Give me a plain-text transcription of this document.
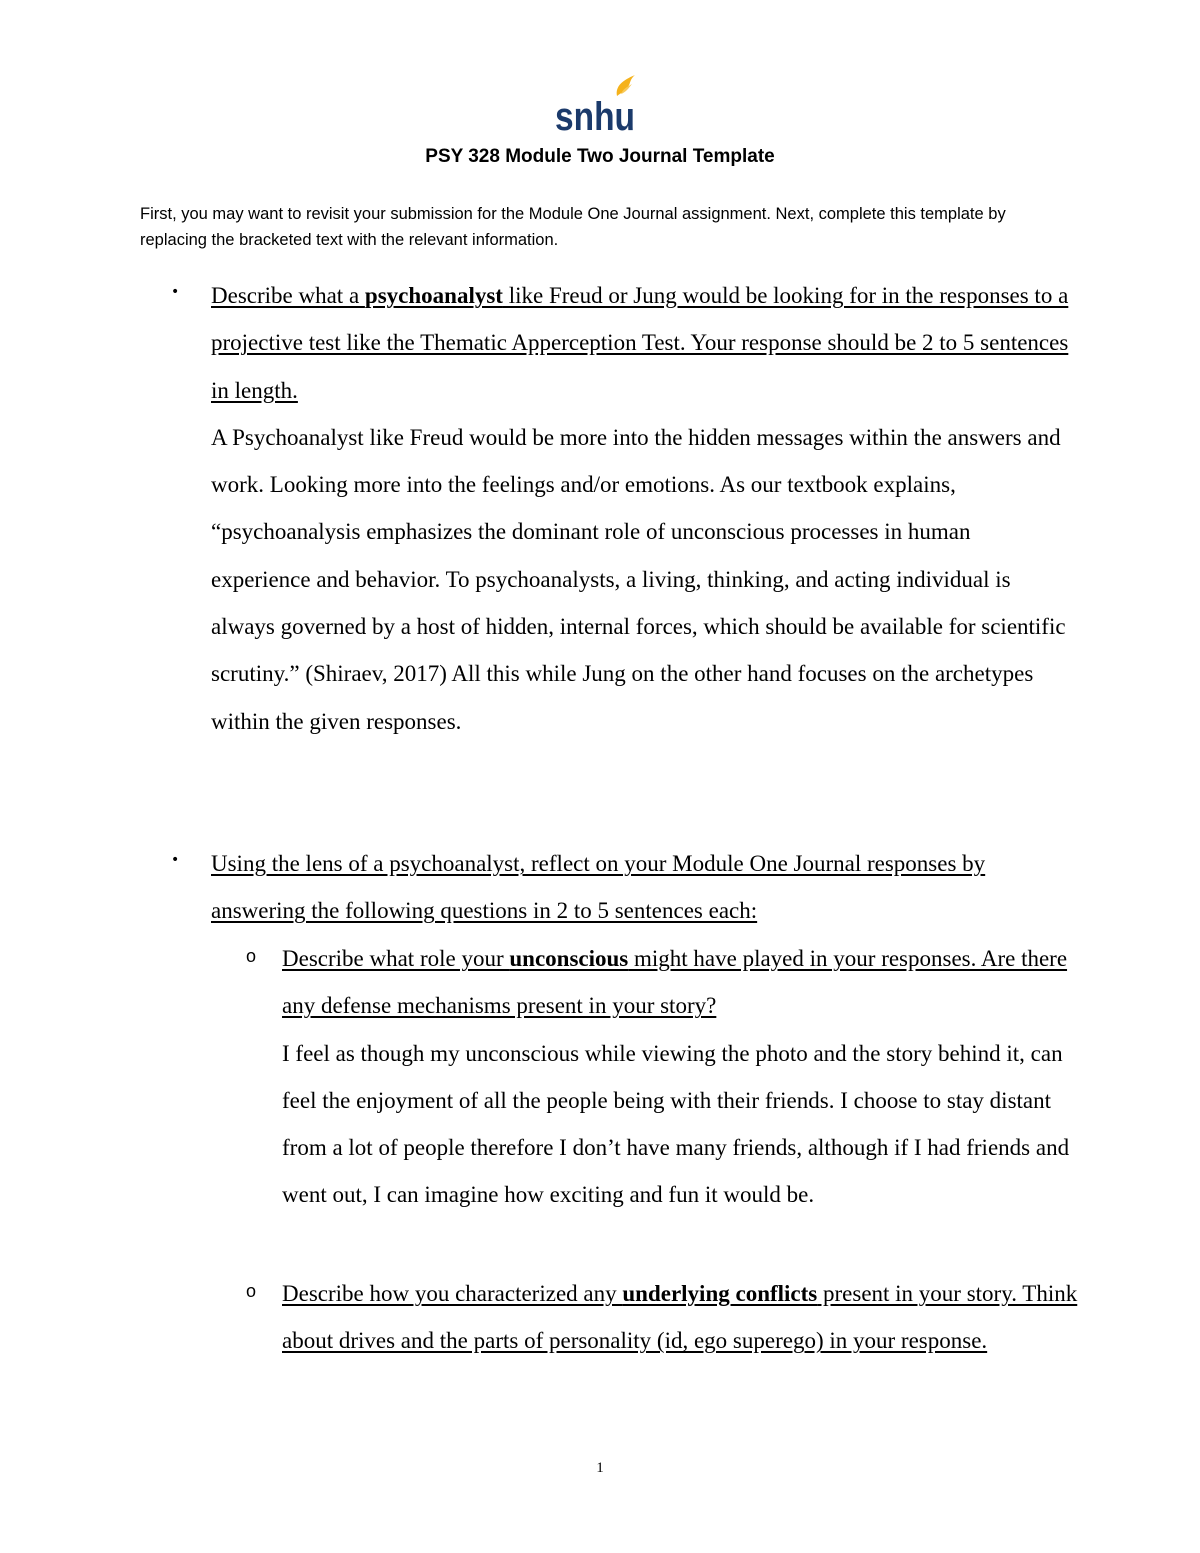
snhu
PSY 328 Module Two Journal Template
First, you may want to revisit your submission for the Module One Journal assignment. Next, complete this template by replacing the bracketed text with the relevant information.
• Describe what a psychoanalyst like Freud or Jung would be looking for in the responses to a projective test like the Thematic Apperception Test. Your response should be 2 to 5 sentences in length.

A Psychoanalyst like Freud would be more into the hidden messages within the answers and work. Looking more into the feelings and/or emotions. As our textbook explains, “psychoanalysis emphasizes the dominant role of unconscious processes in human experience and behavior. To psychoanalysts, a living, thinking, and acting individual is always governed by a host of hidden, internal forces, which should be available for scientific scrutiny.” (Shiraev, 2017) All this while Jung on the other hand focuses on the archetypes within the given responses.

• Using the lens of a psychoanalyst, reflect on your Module One Journal responses by answering the following questions in 2 to 5 sentences each:
o Describe what role your unconscious might have played in your responses. Are there any defense mechanisms present in your story?

I feel as though my unconscious while viewing the photo and the story behind it, can feel the enjoyment of all the people being with their friends. I choose to stay distant from a lot of people therefore I don’t have many friends, although if I had friends and went out, I can imagine how exciting and fun it would be.

o Describe how you characterized any underlying conflicts present in your story. Think about drives and the parts of personality (id, ego superego) in your response.
1
